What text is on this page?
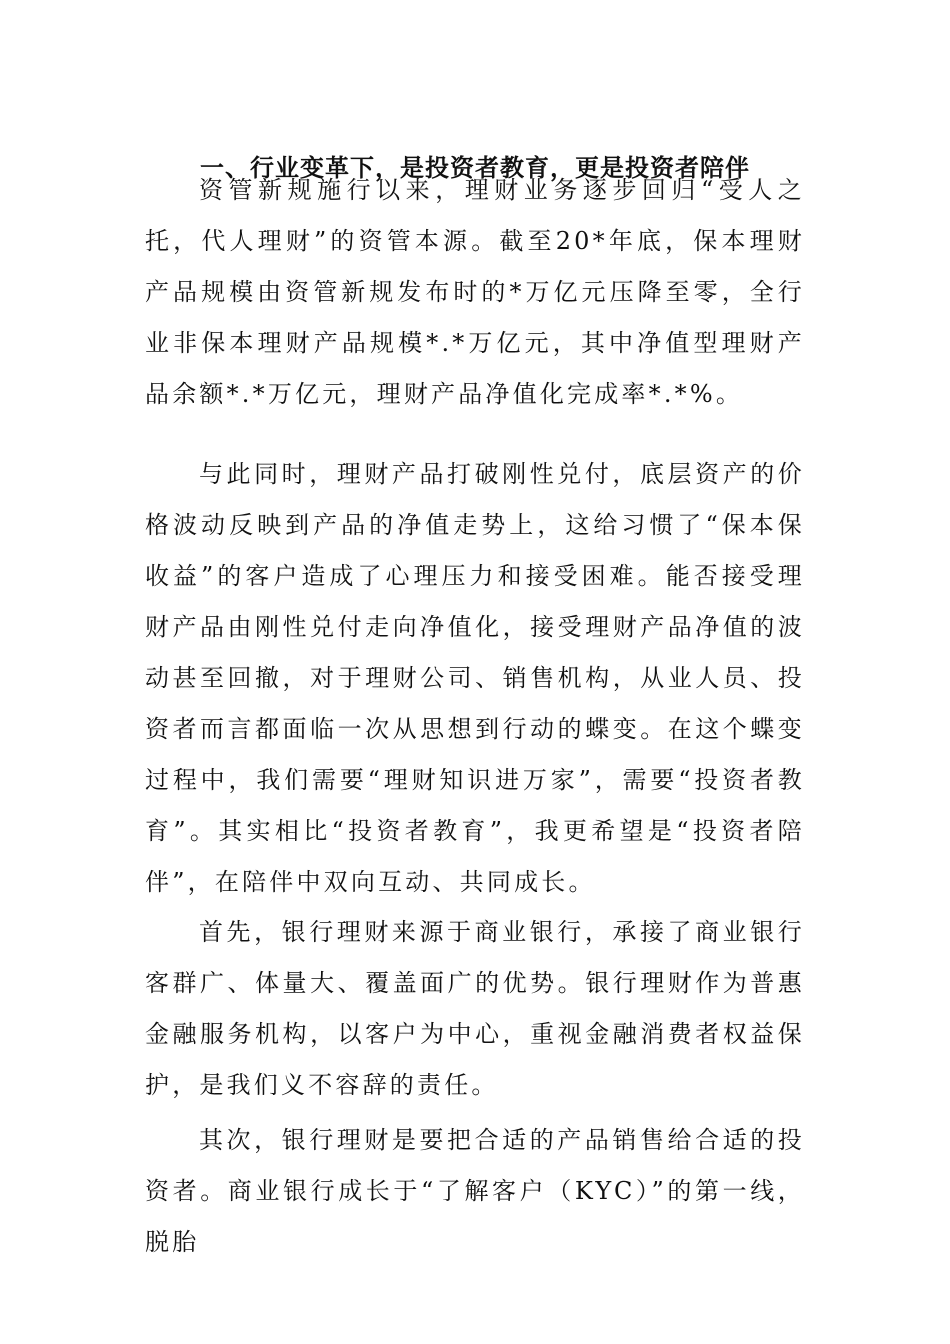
一、行业变革下，是投资者教育，更是投资者陪伴

资管新规施行以来，理财业务逐步回归“受人之托，代人理财”的资管本源。截至20*年底，保本理财产品规模由资管新规发布时的*万亿元压降至零，全行业非保本理财产品规模*.*万亿元，其中净值型理财产品余额*.*万亿元，理财产品净值化完成率*.*%。

与此同时，理财产品打破刚性兑付，底层资产的价格波动反映到产品的净值走势上，这给习惯了“保本保收益”的客户造成了心理压力和接受困难。能否接受理财产品由刚性兑付走向净值化，接受理财产品净值的波动甚至回撤，对于理财公司、销售机构，从业人员、投资者而言都面临一次从思想到行动的蝶变。在这个蝶变过程中，我们需要“理财知识进万家”，需要“投资者教育”。其实相比“投资者教育”，我更希望是“投资者陪伴”，在陪伴中双向互动、共同成长。

首先，银行理财来源于商业银行，承接了商业银行客群广、体量大、覆盖面广的优势。银行理财作为普惠金融服务机构，以客户为中心，重视金融消费者权益保护，是我们义不容辞的责任。

其次，银行理财是要把合适的产品销售给合适的投资者。商业银行成长于“了解客户（KYC）”的第一线，脱胎
